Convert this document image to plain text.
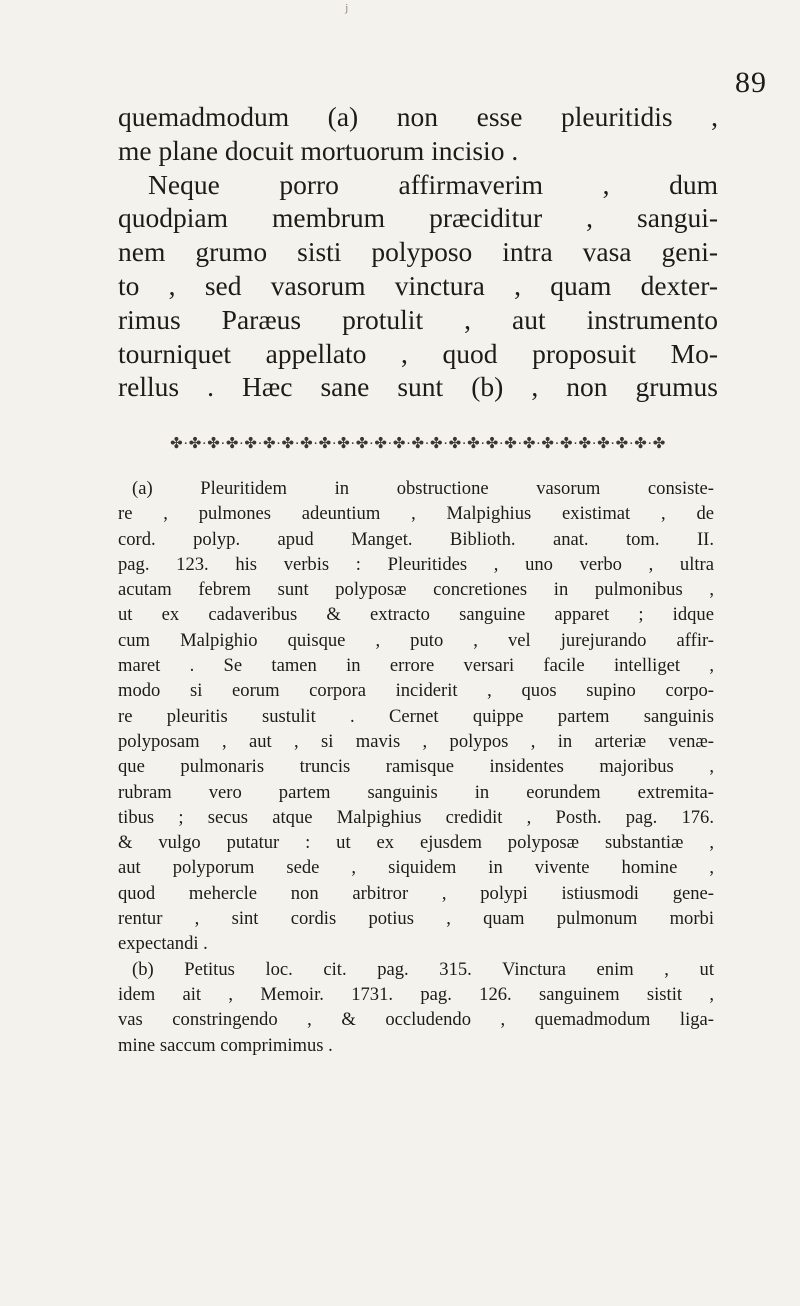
ʲ
89
quemadmodum (a) non esse pleuritidis ,
me plane docuit mortuorum incisio .
Neque porro affirmaverim , dum
quodpiam membrum præciditur , sangui-
nem grumo sisti polyposo intra vasa geni-
to , sed vasorum vinctura , quam dexter-
rimus Paræus protulit , aut instrumento
tourniquet appellato , quod proposuit Mo-
rellus . Hæc sane sunt (b) , non grumus
✤·✤·✤·✤·✤·✤·✤·✤·✤·✤·✤·✤·✤·✤·✤·✤·✤·✤·✤·✤·✤·✤·✤·✤·✤·✤·✤
(a) Pleuritidem in obstructione vasorum consiste-
re , pulmones adeuntium , Malpighius existimat , de
cord. polyp. apud Manget. Biblioth. anat. tom. II.
pag. 123. his verbis : Pleuritides , uno verbo , ultra
acutam febrem sunt polyposæ concretiones in pulmonibus ,
ut ex cadaveribus & extracto sanguine apparet ; idque
cum Malpighio quisque , puto , vel jurejurando affir-
maret . Se tamen in errore versari facile intelliget ,
modo si eorum corpora inciderit , quos supino corpo-
re pleuritis sustulit . Cernet quippe partem sanguinis
polyposam , aut , si mavis , polypos , in arteriæ venæ-
que pulmonaris truncis ramisque insidentes majoribus ,
rubram vero partem sanguinis in eorundem extremita-
tibus ; secus atque Malpighius credidit , Posth. pag. 176.
& vulgo putatur : ut ex ejusdem polyposæ substantiæ ,
aut polyporum sede , siquidem in vivente homine ,
quod mehercle non arbitror , polypi istiusmodi gene-
rentur , sint cordis potius , quam pulmonum morbi
expectandi .
(b) Petitus loc. cit. pag. 315. Vinctura enim , ut
idem ait , Memoir. 1731. pag. 126. sanguinem sistit ,
vas constringendo , & occludendo , quemadmodum liga-
mine saccum comprimimus .
